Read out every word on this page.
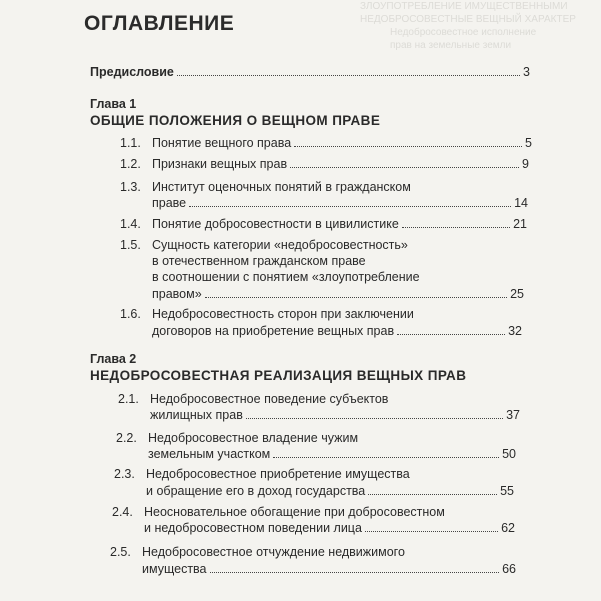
ЗЛОУПОТРЕБЛЕНИЕ ИМУЩЕСТВЕННЫМИ
НЕДОБРОСОВЕСТНЫЕ ВЕЩНЫЙ ХАРАКТЕР
Недобросовестное исполнение
прав на земельные земли
ОГЛАВЛЕНИЕ
Предисловие	3
Глава 1
ОБЩИЕ ПОЛОЖЕНИЯ О ВЕЩНОМ ПРАВЕ
1.1. Понятие вещного права	5
1.2. Признаки вещных прав	9
1.3. Институт оценочных понятий в гражданском
праве	14
1.4. Понятие добросовестности в цивилистике	21
1.5. Сущность категории «недобросовестность»
в отечественном гражданском праве
в соотношении с понятием «злоупотребление
правом»	25
1.6. Недобросовестность сторон при заключении
договоров на приобретение вещных прав	32
Глава 2
НЕДОБРОСОВЕСТНАЯ РЕАЛИЗАЦИЯ ВЕЩНЫХ ПРАВ
2.1. Недобросовестное поведение субъектов
жилищных прав	37
2.2. Недобросовестное владение чужим
земельным участком	50
2.3. Недобросовестное приобретение имущества
и обращение его в доход государства	55
2.4. Неосновательное обогащение при добросовестном
и недобросовестном поведении лица	62
2.5. Недобросовестное отчуждение недвижимого
имущества	66
